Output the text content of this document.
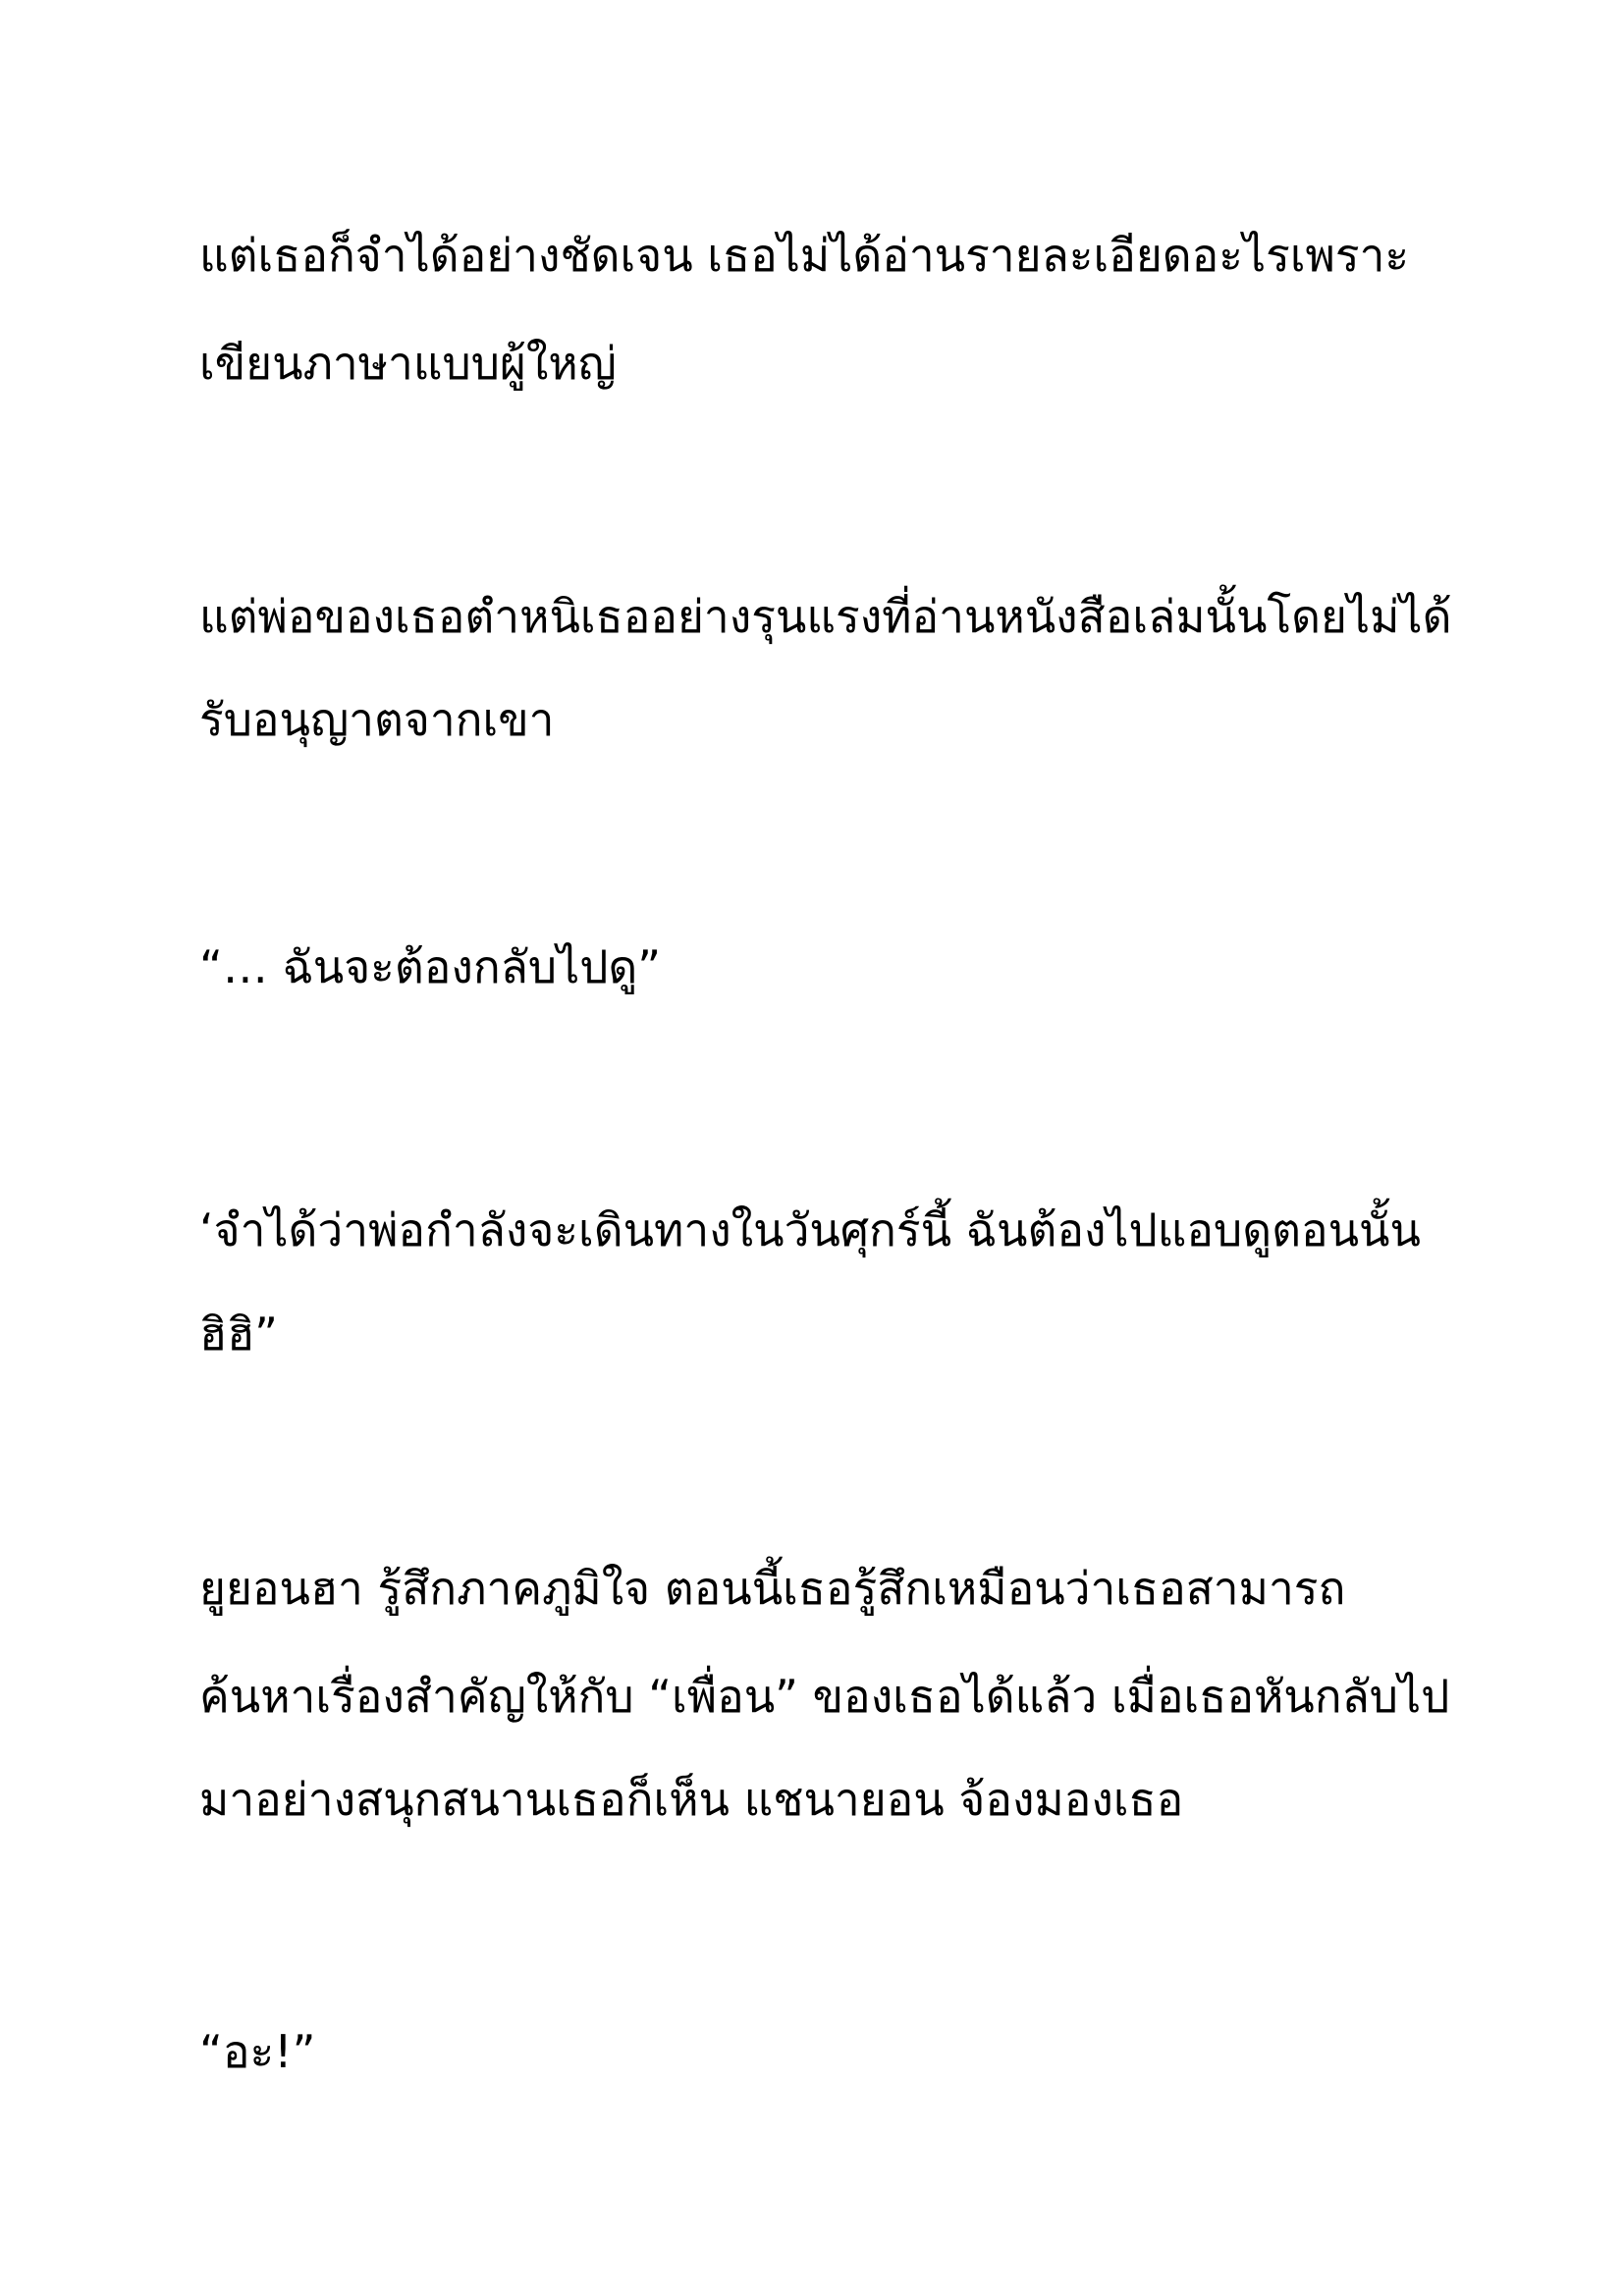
แต่เธอก็จำได้อย่างชัดเจน เธอไม่ได้อ่านรายละเอียดอะไรเพราะ

เขียนภาษาแบบผู้ใหญ่

แต่พ่อของเธอตำหนิเธออย่างรุนแรงที่อ่านหนังสือเล่มนั้นโดยไม่ได้

รับอนุญาตจากเขา

“… ฉันจะต้องกลับไปดู”

‘จำได้ว่าพ่อกำลังจะเดินทางในวันศุกร์นี้ ฉันต้องไปแอบดูตอนนั้น

ฮิฮิ”

ยูยอนฮา รู้สึกภาคภูมิใจ ตอนนี้เธอรู้สึกเหมือนว่าเธอสามารถ

ค้นหาเรื่องสำคัญให้กับ “เพื่อน” ของเธอได้แล้ว เมื่อเธอหันกลับไป

มาอย่างสนุกสนานเธอก็เห็น แชนายอน จ้องมองเธอ

“อะ!”
